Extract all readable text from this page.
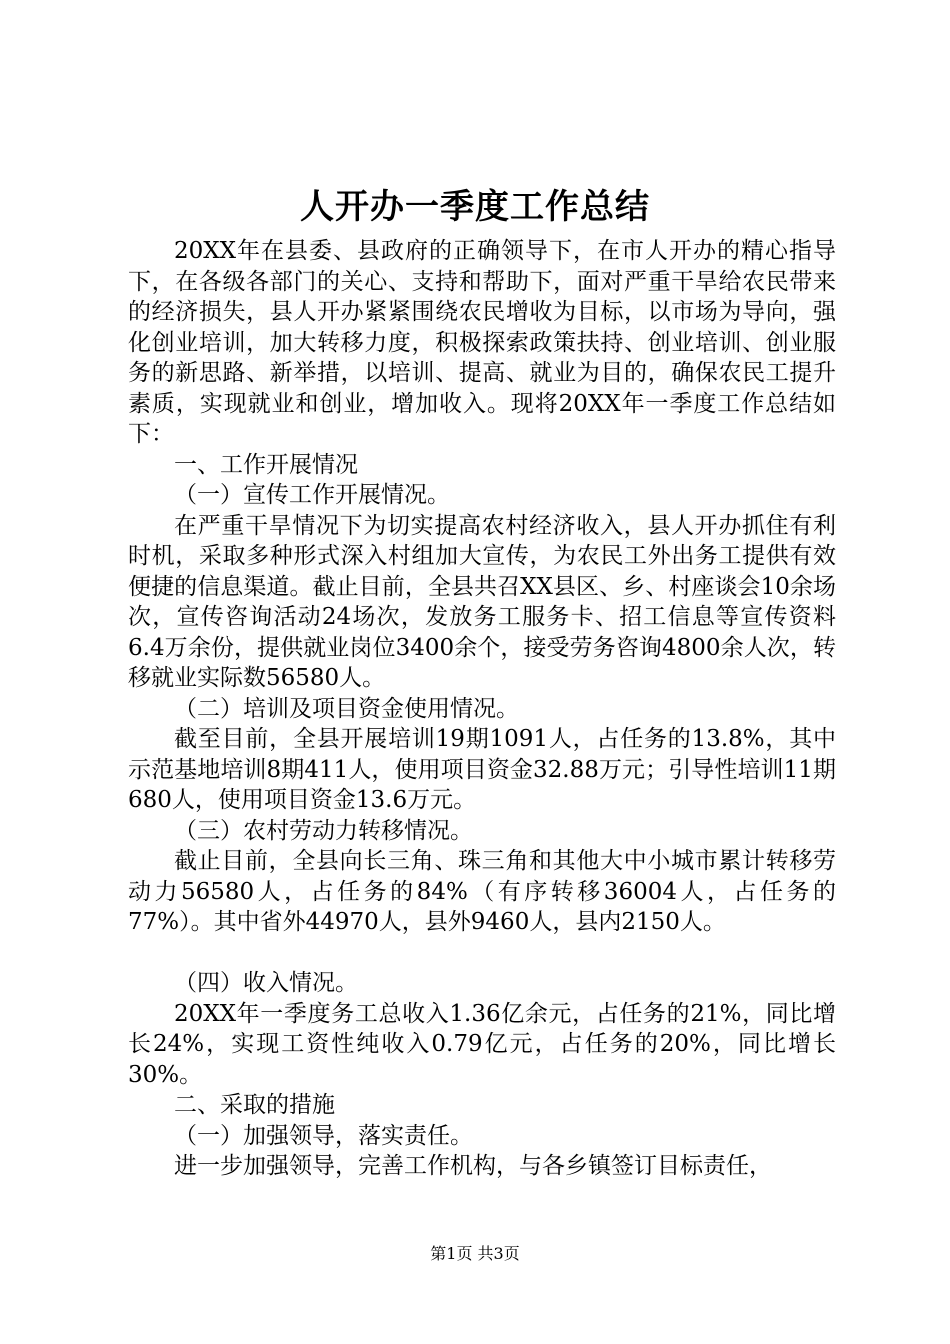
人开办一季度工作总结

20XX年在县委、县政府的正确领导下，在市人开办的精心指导下，在各级各部门的关心、支持和帮助下，面对严重干旱给农民带来的经济损失，县人开办紧紧围绕农民增收为目标，以市场为导向，强化创业培训，加大转移力度，积极探索政策扶持、创业培训、创业服务的新思路、新举措，以培训、提高、就业为目的，确保农民工提升素质，实现就业和创业，增加收入。现将20XX年一季度工作总结如下：

一、工作开展情况

（一）宣传工作开展情况。

在严重干旱情况下为切实提高农村经济收入，县人开办抓住有利时机，采取多种形式深入村组加大宣传，为农民工外出务工提供有效便捷的信息渠道。截止目前，全县共召XX县区、乡、村座谈会10余场次，宣传咨询活动24场次，发放务工服务卡、招工信息等宣传资料6.4万余份，提供就业岗位3400余个，接受劳务咨询4800余人次，转移就业实际数56580人。

（二）培训及项目资金使用情况。

截至目前，全县开展培训19期1091人，占任务的13.8%，其中示范基地培训8期411人，使用项目资金32.88万元；引导性培训11期680人，使用项目资金13.6万元。

（三）农村劳动力转移情况。

截止目前，全县向长三角、珠三角和其他大中小城市累计转移劳动力56580人，占任务的84%（有序转移36004人，占任务的77%）。其中省外44970人，县外9460人，县内2150人。

（四）收入情况。

20XX年一季度务工总收入1.36亿余元，占任务的21%，同比增长24%，实现工资性纯收入0.79亿元，占任务的20%，同比增长30%。

二、采取的措施

（一）加强领导，落实责任。

进一步加强领导，完善工作机构，与各乡镇签订目标责任，

第1页 共3页
